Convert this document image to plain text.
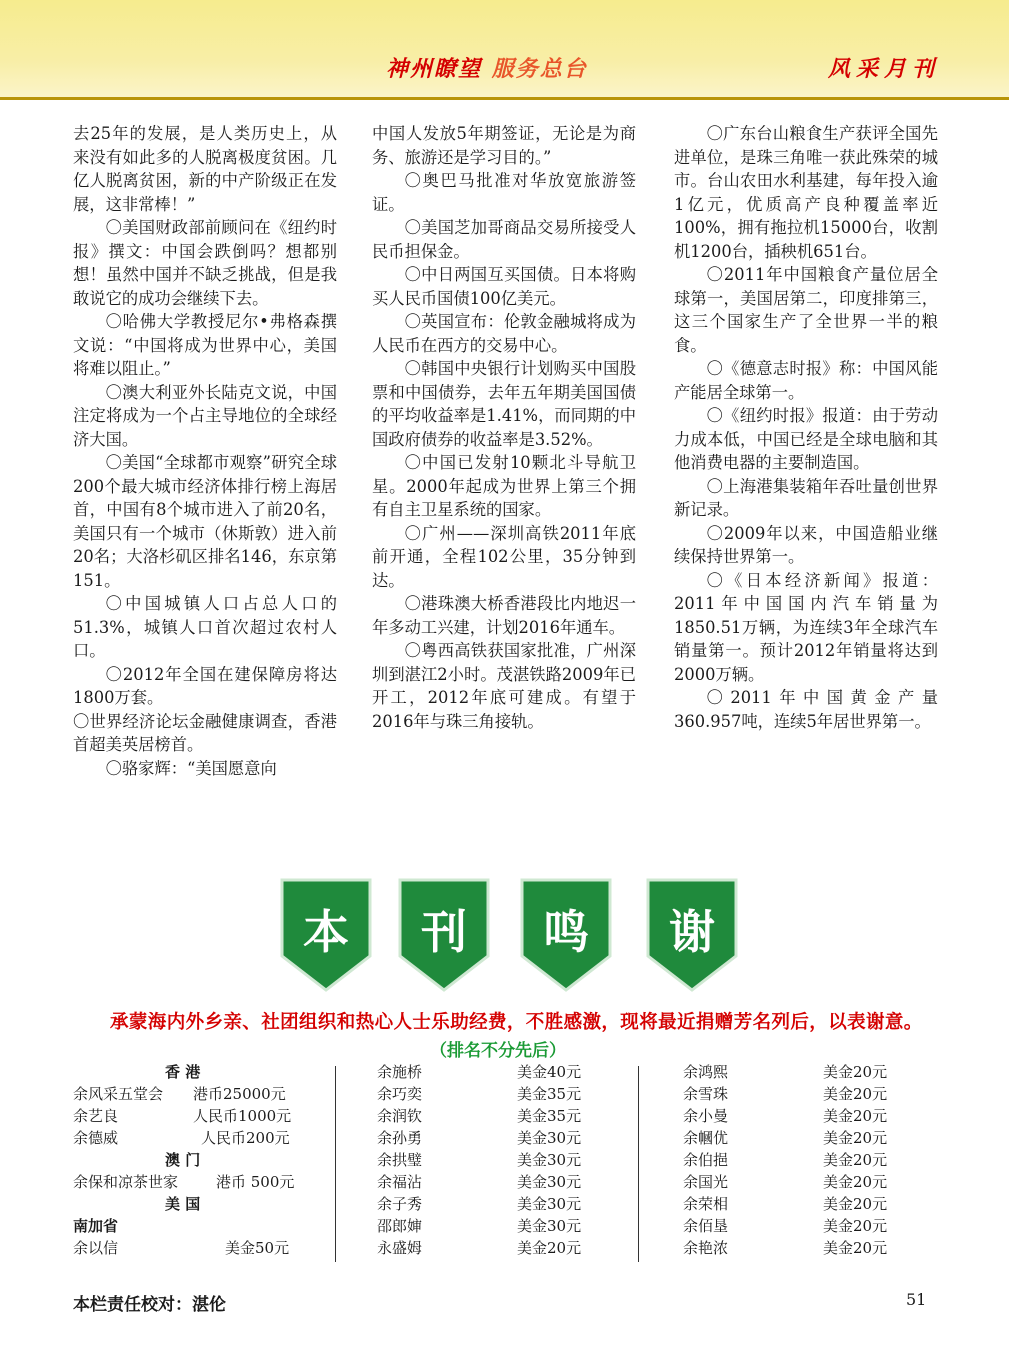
神州瞭望 服务总台	风采月刊

去25年的发展，是人类历史上，从来没有如此多的人脱离极度贫困。几亿人脱离贫困，新的中产阶级正在发展，这非常棒！”

〇美国财政部前顾问在《纽约时报》撰文：中国会跌倒吗？想都别想！虽然中国并不缺乏挑战，但是我敢说它的成功会继续下去。

〇哈佛大学教授尼尔•弗格森撰文说：“中国将成为世界中心，美国将难以阻止。”

〇澳大利亚外长陆克文说，中国注定将成为一个占主导地位的全球经济大国。

〇美国“全球都市观察”研究全球200个最大城市经济体排行榜上海居首，中国有8个城市进入了前20名，美国只有一个城市（休斯敦）进入前20名；大洛杉矶区排名146，东京第151。

〇中国城镇人口占总人口的51.3%，城镇人口首次超过农村人口。

〇2012年全国在建保障房将达1800万套。

〇世界经济论坛金融健康调查，香港首超美英居榜首。

〇骆家辉：“美国愿意向

中国人发放5年期签证，无论是为商务、旅游还是学习目的。”

〇奥巴马批准对华放宽旅游签证。

〇美国芝加哥商品交易所接受人民币担保金。

〇中日两国互买国债。日本将购买人民币国债100亿美元。

〇英国宣布：伦敦金融城将成为人民币在西方的交易中心。

〇韩国中央银行计划购买中国股票和中国债券，去年五年期美国国债的平均收益率是1.41%，而同期的中国政府债券的收益率是3.52%。

〇中国已发射10颗北斗导航卫星。2000年起成为世界上第三个拥有自主卫星系统的国家。

〇广州——深圳高铁2011年底前开通，全程102公里，35分钟到达。

〇港珠澳大桥香港段比内地迟一年多动工兴建，计划2016年通车。

〇粤西高铁获国家批准，广州深圳到湛江2小时。茂湛铁路2009年已开工，2012年底可建成。有望于2016年与珠三角接轨。

〇广东台山粮食生产获评全国先进单位，是珠三角唯一获此殊荣的城市。台山农田水利基建，每年投入逾1亿元，优质高产良种覆盖率近100%，拥有拖拉机15000台，收割机1200台，插秧机651台。

〇2011年中国粮食产量位居全球第一，美国居第二，印度排第三，这三个国家生产了全世界一半的粮食。

〇《德意志时报》称：中国风能产能居全球第一。

〇《纽约时报》报道：由于劳动力成本低，中国已经是全球电脑和其他消费电器的主要制造国。

〇上海港集装箱年吞吐量创世界新记录。

〇2009年以来，中国造船业继续保持世界第一。

〇《日本经济新闻》报道：2011年中国国内汽车销量为1850.51万辆，为连续3年全球汽车销量第一。预计2012年销量将达到2000万辆。

〇2011年中国黄金产量360.957吨，连续5年居世界第一。

本	刊	鸣	谢
承蒙海内外乡亲、社团组织和热心人士乐助经费，不胜感激，现将最近捐赠芳名列后，以表谢意。
（排名不分先后）
香 港
余风采五堂会 港币25000元
余艺良	人民币1000元
余德威	人民币200元
澳 门
余保和凉茶世家	港币 500元
美 国
南加省
余以信	美金50元
余施桥	美金40元
余巧奕	美金35元
余润钦	美金35元
余孙勇	美金30元
余拱璧	美金30元
余福沾	美金30元
余子秀	美金30元
邵郎婶	美金30元
永盛姆	美金20元
余鸿熙	美金20元
余雪珠	美金20元
余小曼	美金20元
余幗优	美金20元
余伯挹	美金20元
余国光	美金20元
余荣相	美金20元
余佰垦	美金20元
余艳浓	美金20元
本栏责任校对：湛伦	51
